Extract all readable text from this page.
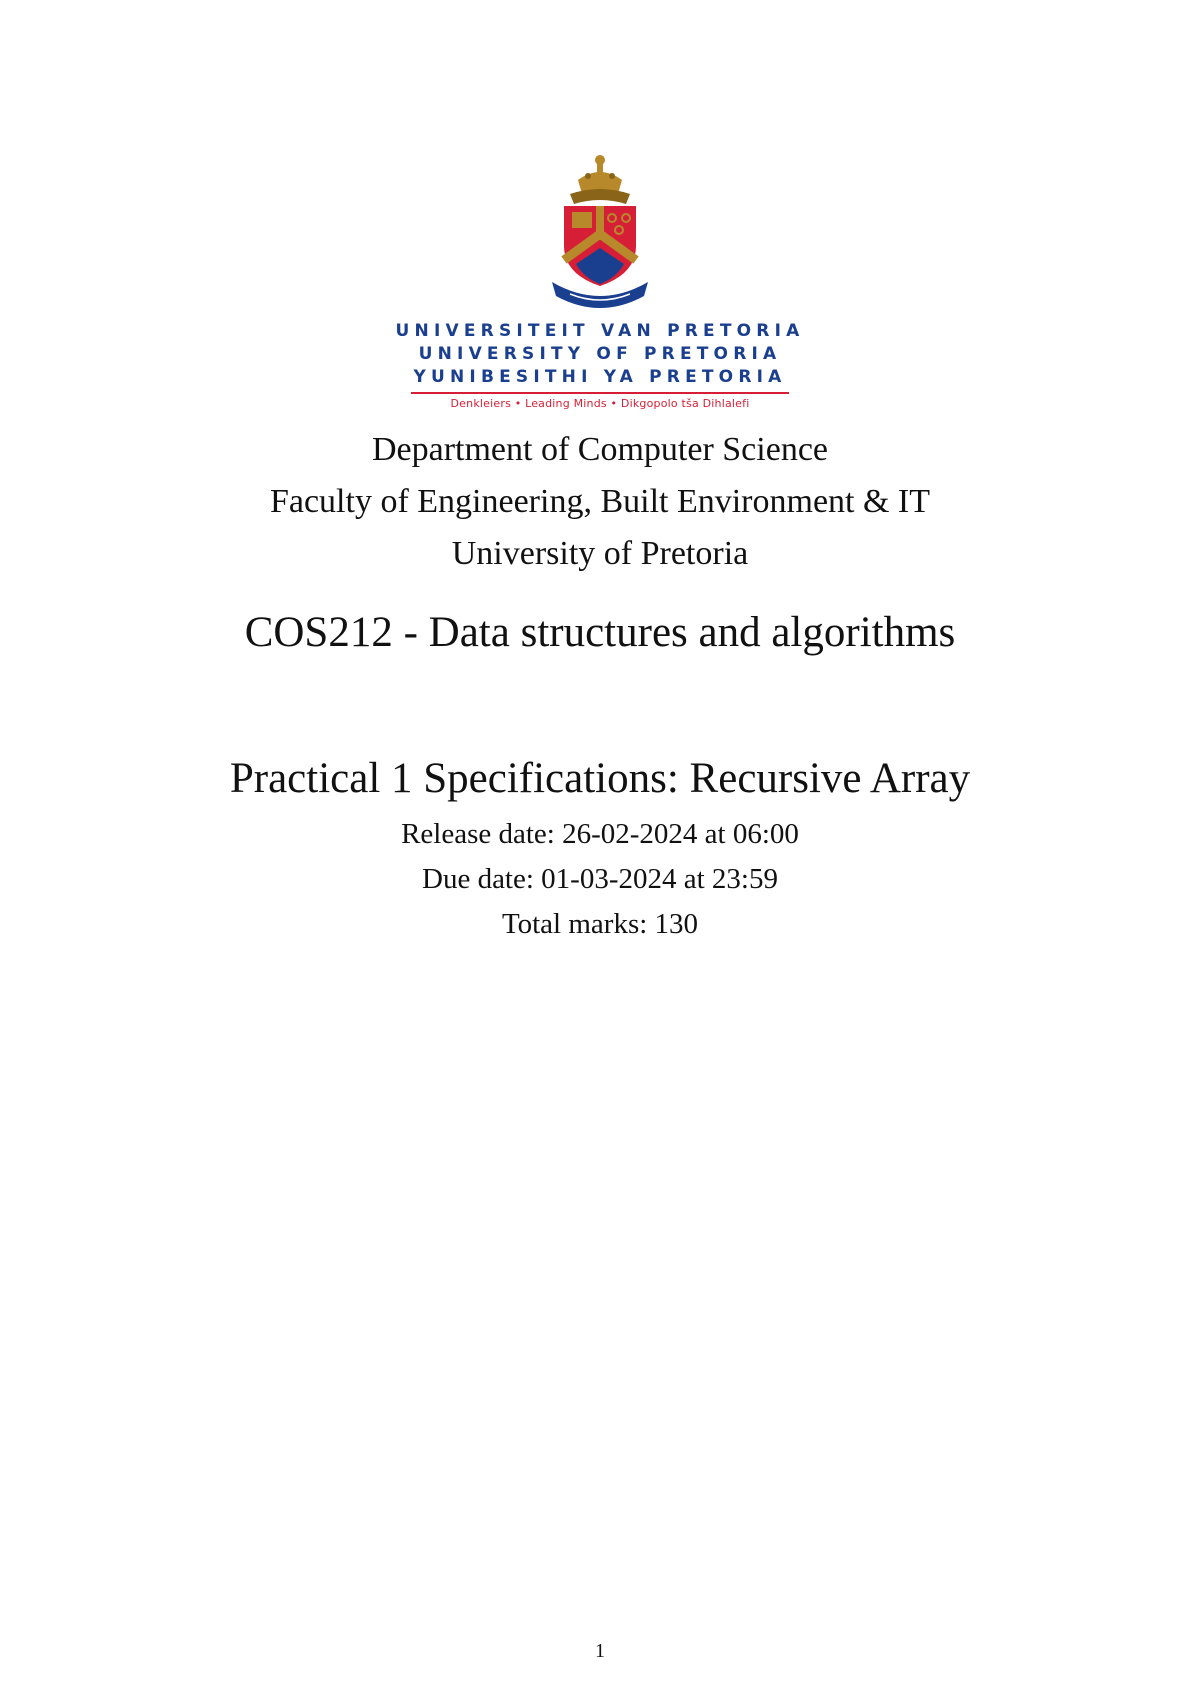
UNIVERSITEIT VAN PRETORIA
UNIVERSITY OF PRETORIA
YUNIBESITHI YA PRETORIA
Denkleiers • Leading Minds • Dikgopolo tša Dihlalefi
Department of Computer Science
Faculty of Engineering, Built Environment & IT
University of Pretoria
COS212 - Data structures and algorithms
Practical 1 Specifications: Recursive Array
Release date: 26-02-2024 at 06:00
Due date: 01-03-2024 at 23:59
Total marks: 130
1
